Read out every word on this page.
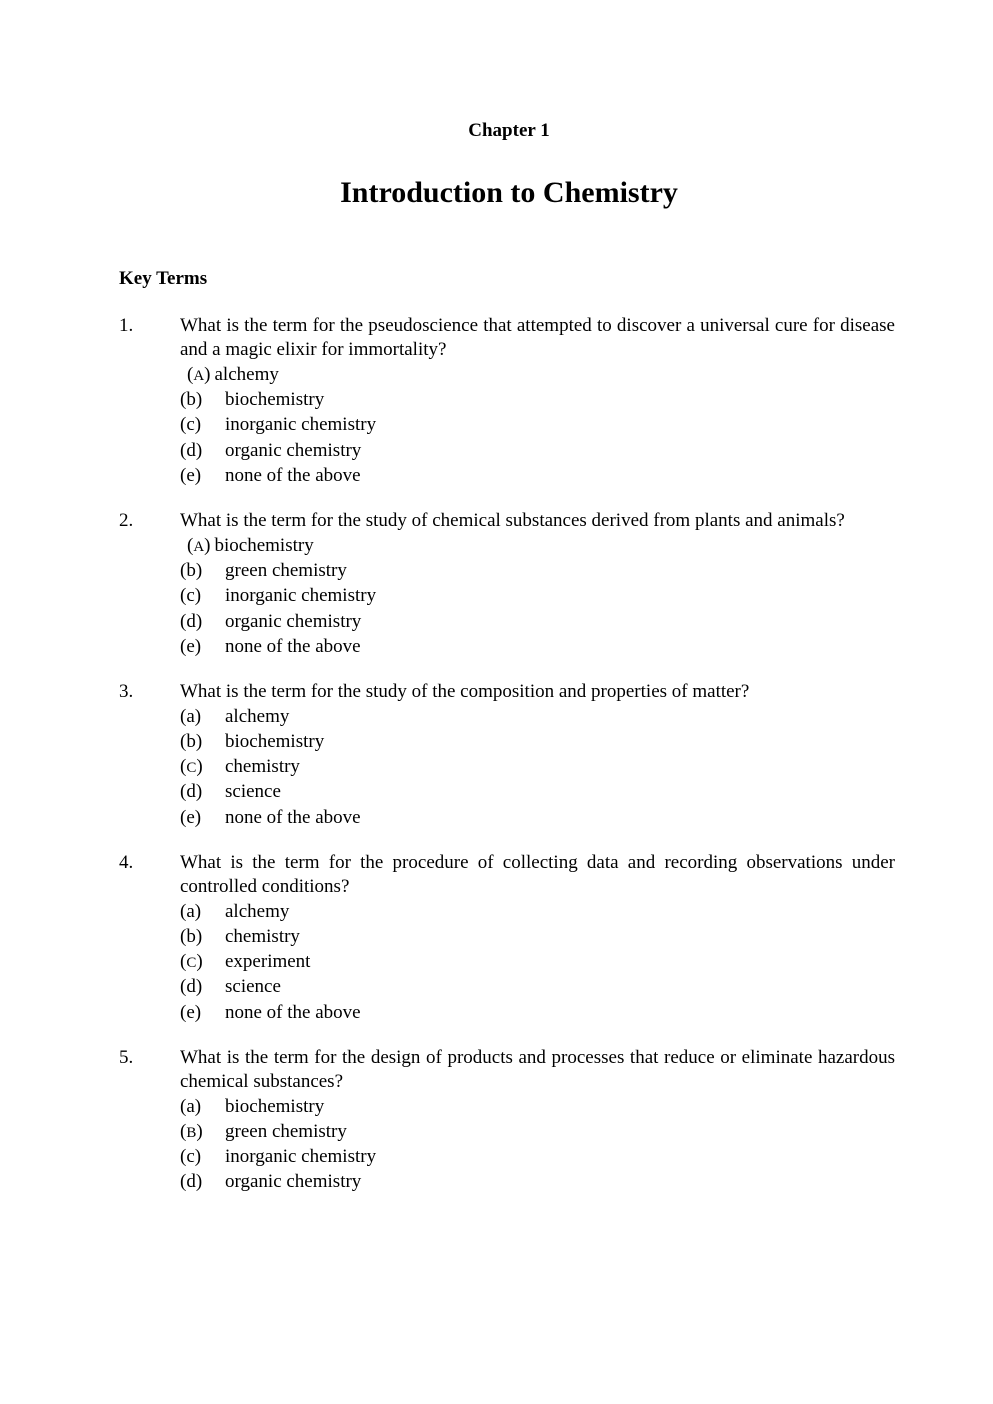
Chapter 1
Introduction to Chemistry
Key Terms
1. What is the term for the pseudoscience that attempted to discover a universal cure for disease and a magic elixir for immortality?
(A) alchemy
(b)	biochemistry
(c)	inorganic chemistry
(d)	organic chemistry
(e)	none of the above
2. What is the term for the study of chemical substances derived from plants and animals?
(A) biochemistry
(b)	green chemistry
(c)	inorganic chemistry
(d)	organic chemistry
(e)	none of the above
3. What is the term for the study of the composition and properties of matter?
(a)	alchemy
(b)	biochemistry
(C)	chemistry
(d)	science
(e)	none of the above
4. What is the term for the procedure of collecting data and recording observations under controlled conditions?
(a)	alchemy
(b)	chemistry
(C)	experiment
(d)	science
(e)	none of the above
5. What is the term for the design of products and processes that reduce or eliminate hazardous chemical substances?
(a)	biochemistry
(B)	green chemistry
(c)	inorganic chemistry
(d)	organic chemistry
